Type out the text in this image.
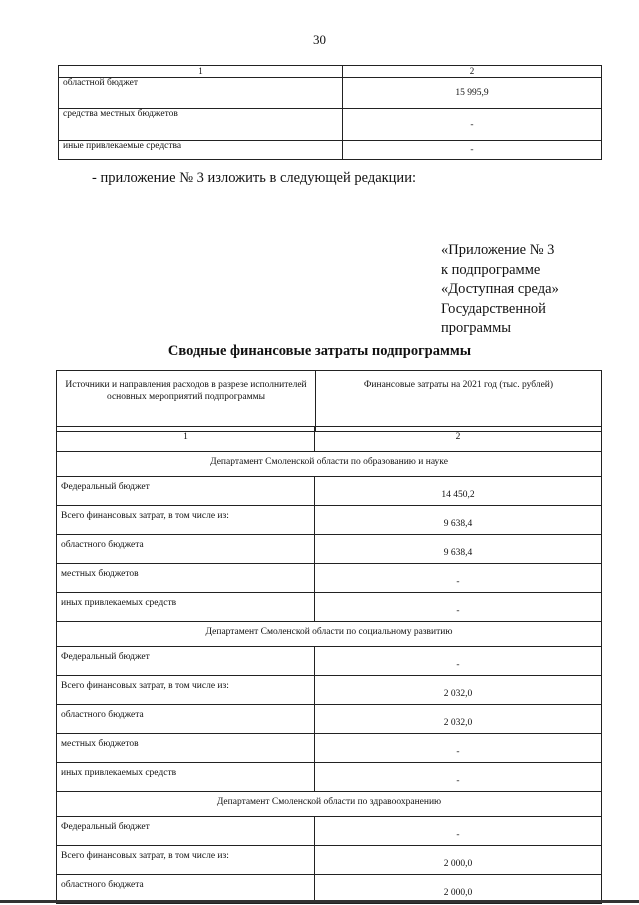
30
1	2
областной бюджет	15 995,9
средства местных бюджетов	-
иные привлекаемые средства	-
- приложение № 3 изложить в следующей редакции:
«Приложение № 3
к подпрограмме
«Доступная среда»
Государственной
программы
Сводные финансовые затраты подпрограммы
Источники и направления расходов в разрезе исполнителей основных мероприятий подпрограммы	Финансовые затраты на 2021 год (тыс. рублей)
1	2
Департамент Смоленской области по образованию и науке	
Федеральный бюджет	14 450,2
Всего финансовых затрат, в том числе из:	9 638,4
областного бюджета	9 638,4
местных бюджетов	-
иных привлекаемых средств	-
Департамент Смоленской области по социальному развитию	
Федеральный бюджет	-
Всего финансовых затрат, в том числе из:	2 032,0
областного бюджета	2 032,0
местных бюджетов	-
иных привлекаемых средств	-
Департамент Смоленской области по здравоохранению	
Федеральный бюджет	-
Всего финансовых затрат, в том числе из:	2 000,0
областного бюджета	2 000,0
